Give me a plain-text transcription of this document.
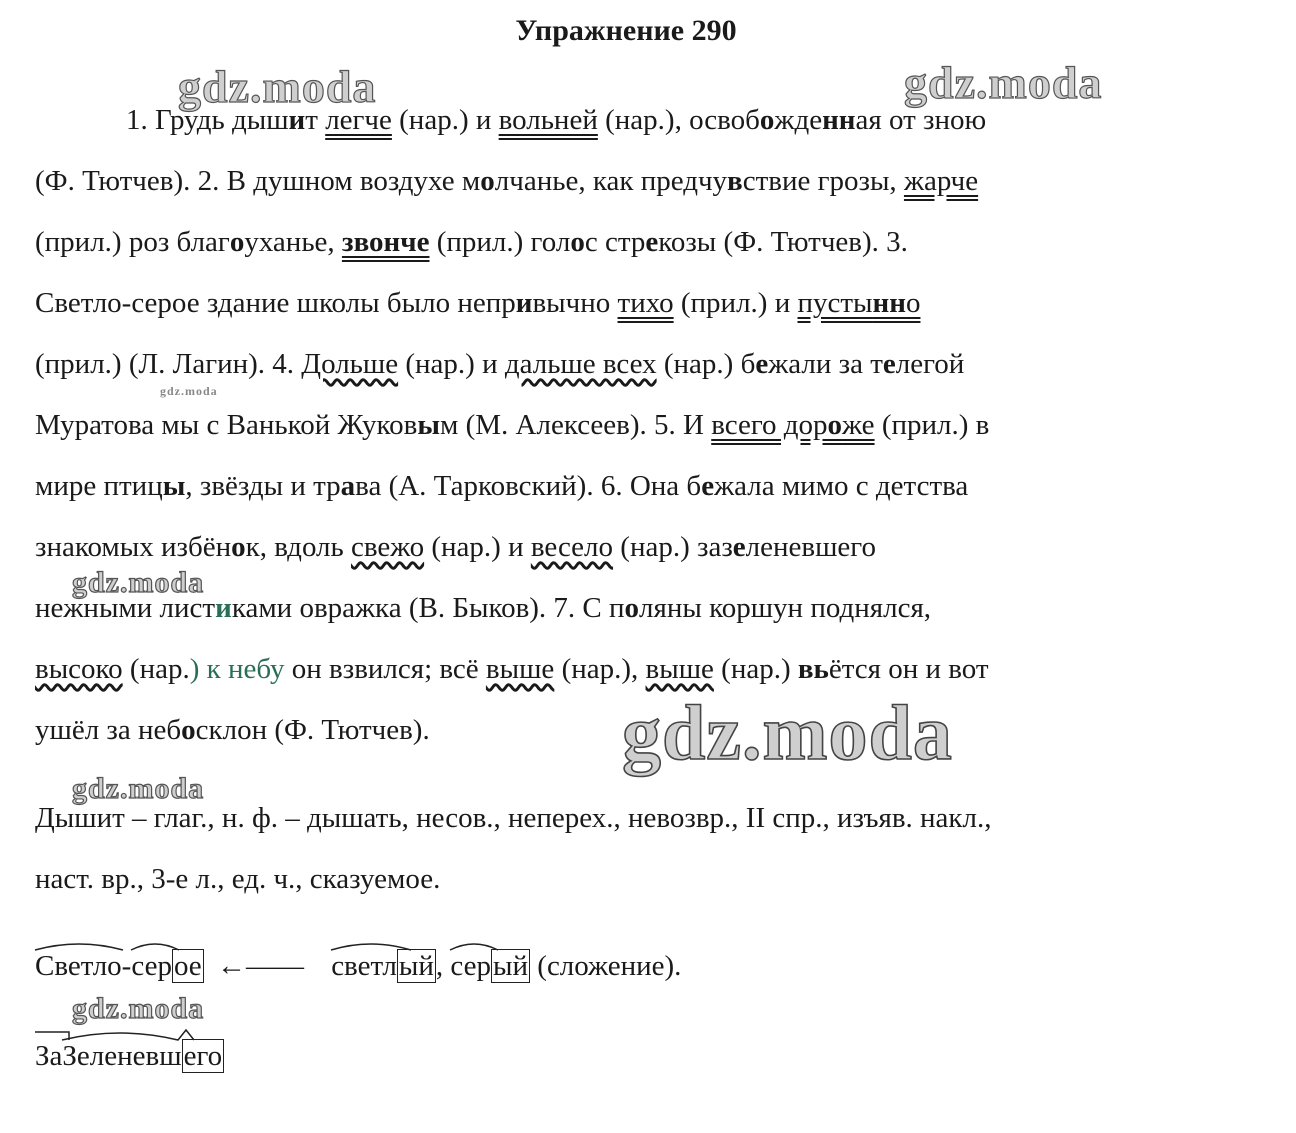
Упражнение 290
gdz.moda	gdz.moda
gdz.moda
gdz.moda
gdz.moda
gdz.moda
gdz.moda
1. Грудь дышит легче (нар.) и вольней (нар.), освобожденная от зною
(Ф. Тютчев). 2. В душном воздухе молчанье, как предчувствие грозы, жарче
(прил.) роз благоуханье, звонче (прил.) голос стрекозы (Ф. Тютчев). 3.
Светло-серое здание школы было непривычно тихо (прил.) и пустынно
(прил.) (Л. Лагин). 4. Дольше (нар.) и дальше всех (нар.) бежали за телегой
Муратова мы с Ванькой Жуковым (М. Алексеев). 5. И всего дороже (прил.) в
мире птицы, звёзды и трава (А. Тарковский). 6. Она бежала мимо с детства
знакомых избёнок, вдоль свежо (нар.) и весело (нар.) зазеленевшего
нежными листиками овражка (В. Быков). 7. С поляны коршун поднялся,
высоко (нар.) к небу он взвился; всё выше (нар.), выше (нар.) вьётся он и вот
ушёл за небосклон (Ф. Тютчев).
Дышит – глаг., н. ф. – дышать, несов., неперех., невозвр., II спр., изъяв. накл.,
наст. вр., 3-е л., ед. ч., сказуемое.
Светло-
серое ←—— светлый,
серый (сложение).
За
Зеленевшего
